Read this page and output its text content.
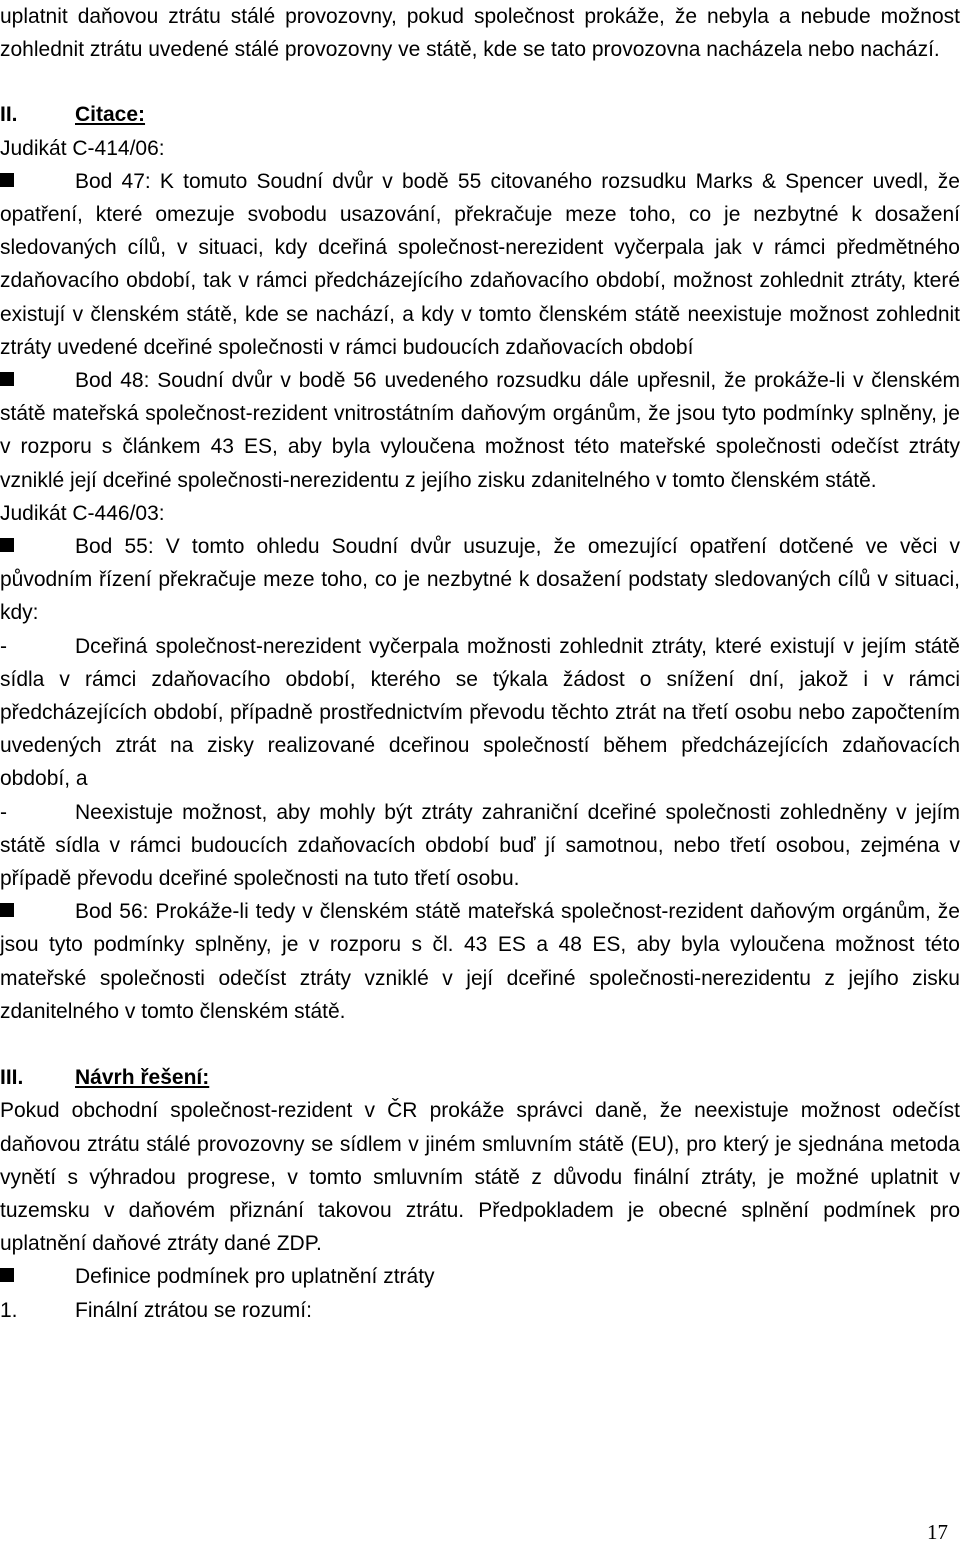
uplatnit daňovou ztrátu stálé provozovny, pokud společnost prokáže, že nebyla a nebude možnost zohlednit ztrátu uvedené stálé provozovny ve státě, kde se tato provozovna nacházela nebo nachází.

II.	Citace:

Judikát C-414/06:

Bod 47: K tomuto Soudní dvůr v bodě 55 citovaného rozsudku Marks & Spencer uvedl, že opatření, které omezuje svobodu usazování, překračuje meze toho, co je nezbytné k dosažení sledovaných cílů, v situaci, kdy dceřiná společnost-nerezident vyčerpala jak v rámci předmětného zdaňovacího období, tak v rámci předcházejícího zdaňovacího období, možnost zohlednit ztráty, které existují v členském státě, kde se nachází, a kdy v tomto členském státě neexistuje možnost zohlednit ztráty uvedené dceřiné společnosti v rámci budoucích zdaňovacích období

Bod 48: Soudní dvůr v bodě 56 uvedeného rozsudku dále upřesnil, že prokáže-li v členském státě mateřská společnost-rezident vnitrostátním daňovým orgánům, že jsou tyto podmínky splněny, je v rozporu s článkem 43 ES, aby byla vyloučena možnost této mateřské společnosti odečíst ztráty vzniklé její dceřiné společnosti-nerezidentu z jejího zisku zdanitelného v tomto členském státě.

Judikát C-446/03:

Bod 55: V tomto ohledu Soudní dvůr usuzuje, že omezující opatření dotčené ve věci v původním řízení překračuje meze toho, co je nezbytné k dosažení podstaty sledovaných cílů v situaci, kdy:

-	Dceřiná společnost-nerezident vyčerpala možnosti zohlednit ztráty, které existují v jejím státě sídla v rámci zdaňovacího období, kterého se týkala žádost o snížení dní, jakož i v rámci předcházejících období, případně prostřednictvím převodu těchto ztrát na třetí osobu nebo započtením uvedených ztrát na zisky realizované dceřinou společností během předcházejících zdaňovacích období, a

-	Neexistuje možnost, aby mohly být ztráty zahraniční dceřiné společnosti zohledněny v jejím státě sídla v rámci budoucích zdaňovacích období buď jí samotnou, nebo třetí osobou, zejména v případě převodu dceřiné společnosti na tuto třetí osobu.

Bod 56: Prokáže-li tedy v členském státě mateřská společnost-rezident daňovým orgánům, že jsou tyto podmínky splněny, je v rozporu s čl. 43 ES a 48 ES, aby byla vyloučena možnost této mateřské společnosti odečíst ztráty vzniklé v její dceřiné společnosti-nerezidentu z jejího zisku zdanitelného v tomto členském státě.

III. Návrh řešení:

Pokud obchodní společnost-rezident v ČR prokáže správci daně, že neexistuje možnost odečíst daňovou ztrátu stálé provozovny se sídlem v jiném smluvním státě (EU), pro který je sjednána metoda vynětí s výhradou progrese, v tomto smluvním státě z důvodu finální ztráty, je možné uplatnit v tuzemsku v daňovém přiznání takovou ztrátu. Předpokladem je obecné splnění podmínek pro uplatnění daňové ztráty dané ZDP.

Definice podmínek pro uplatnění ztráty

1.	Finální ztrátou se rozumí:

17
